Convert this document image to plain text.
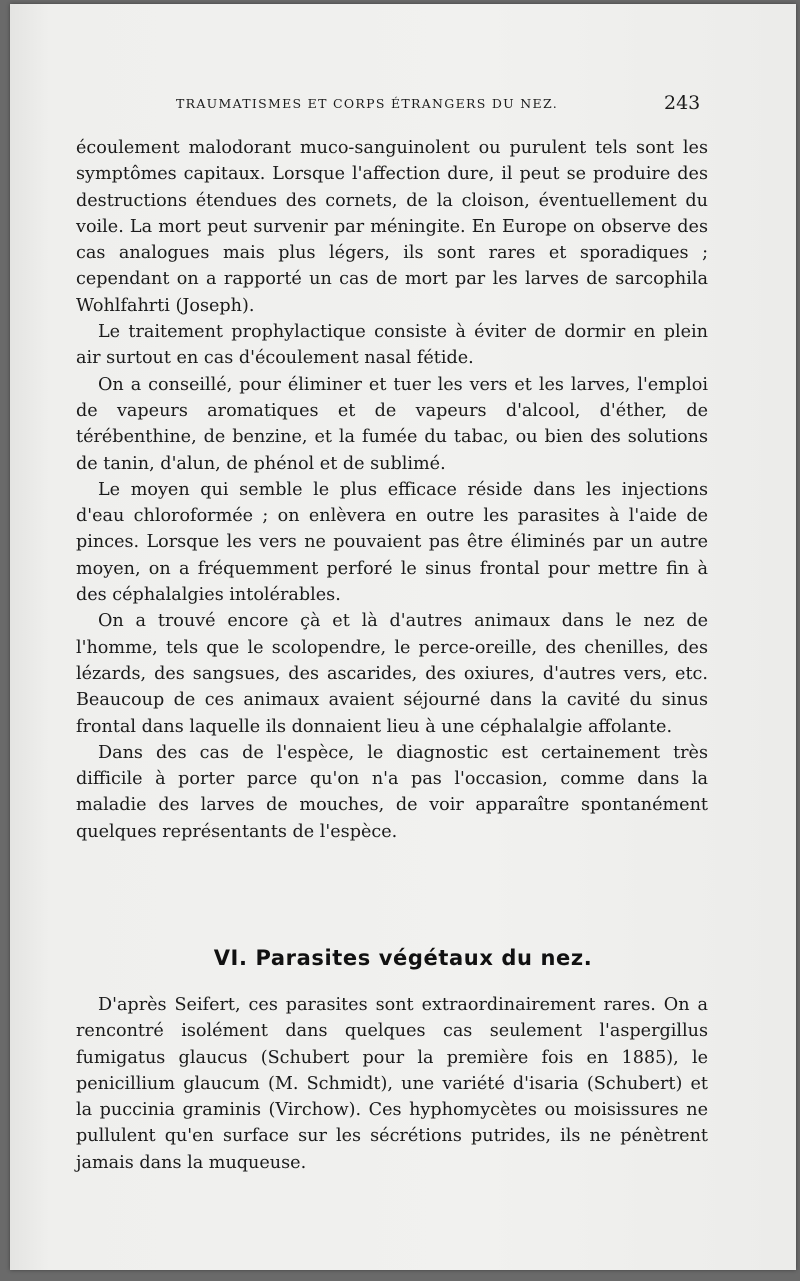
TRAUMATISMES ET CORPS ÉTRANGERS DU NEZ.	243

écoulement malodorant muco-sanguinolent ou purulent tels sont les symptômes capitaux. Lorsque l'affection dure, il peut se produire des destructions étendues des cornets, de la cloison, éventuellement du voile. La mort peut survenir par méningite. En Europe on observe des cas analogues mais plus légers, ils sont rares et sporadiques ; cependant on a rapporté un cas de mort par les larves de sarcophila Wohlfahrti (Joseph).

Le traitement prophylactique consiste à éviter de dormir en plein air surtout en cas d'écoulement nasal fétide.

On a conseillé, pour éliminer et tuer les vers et les larves, l'emploi de vapeurs aromatiques et de vapeurs d'alcool, d'éther, de térébenthine, de benzine, et la fumée du tabac, ou bien des solutions de tanin, d'alun, de phénol et de sublimé.

Le moyen qui semble le plus efficace réside dans les injections d'eau chloroformée ; on enlèvera en outre les parasites à l'aide de pinces. Lorsque les vers ne pouvaient pas être éliminés par un autre moyen, on a fréquemment perforé le sinus frontal pour mettre fin à des céphalalgies intolérables.

On a trouvé encore çà et là d'autres animaux dans le nez de l'homme, tels que le scolopendre, le perce-oreille, des chenilles, des lézards, des sangsues, des ascarides, des oxiures, d'autres vers, etc. Beaucoup de ces animaux avaient séjourné dans la cavité du sinus frontal dans laquelle ils donnaient lieu à une céphalalgie affolante.

Dans des cas de l'espèce, le diagnostic est certainement très difficile à porter parce qu'on n'a pas l'occasion, comme dans la maladie des larves de mouches, de voir apparaître spontanément quelques représentants de l'espèce.

VI. Parasites végétaux du nez.

D'après Seifert, ces parasites sont extraordinairement rares. On a rencontré isolément dans quelques cas seulement l'aspergillus fumigatus glaucus (Schubert pour la première fois en 1885), le penicillium glaucum (M. Schmidt), une variété d'isaria (Schubert) et la puccinia graminis (Virchow). Ces hyphomycètes ou moisissures ne pullulent qu'en surface sur les sécrétions putrides, ils ne pénètrent jamais dans la muqueuse.
